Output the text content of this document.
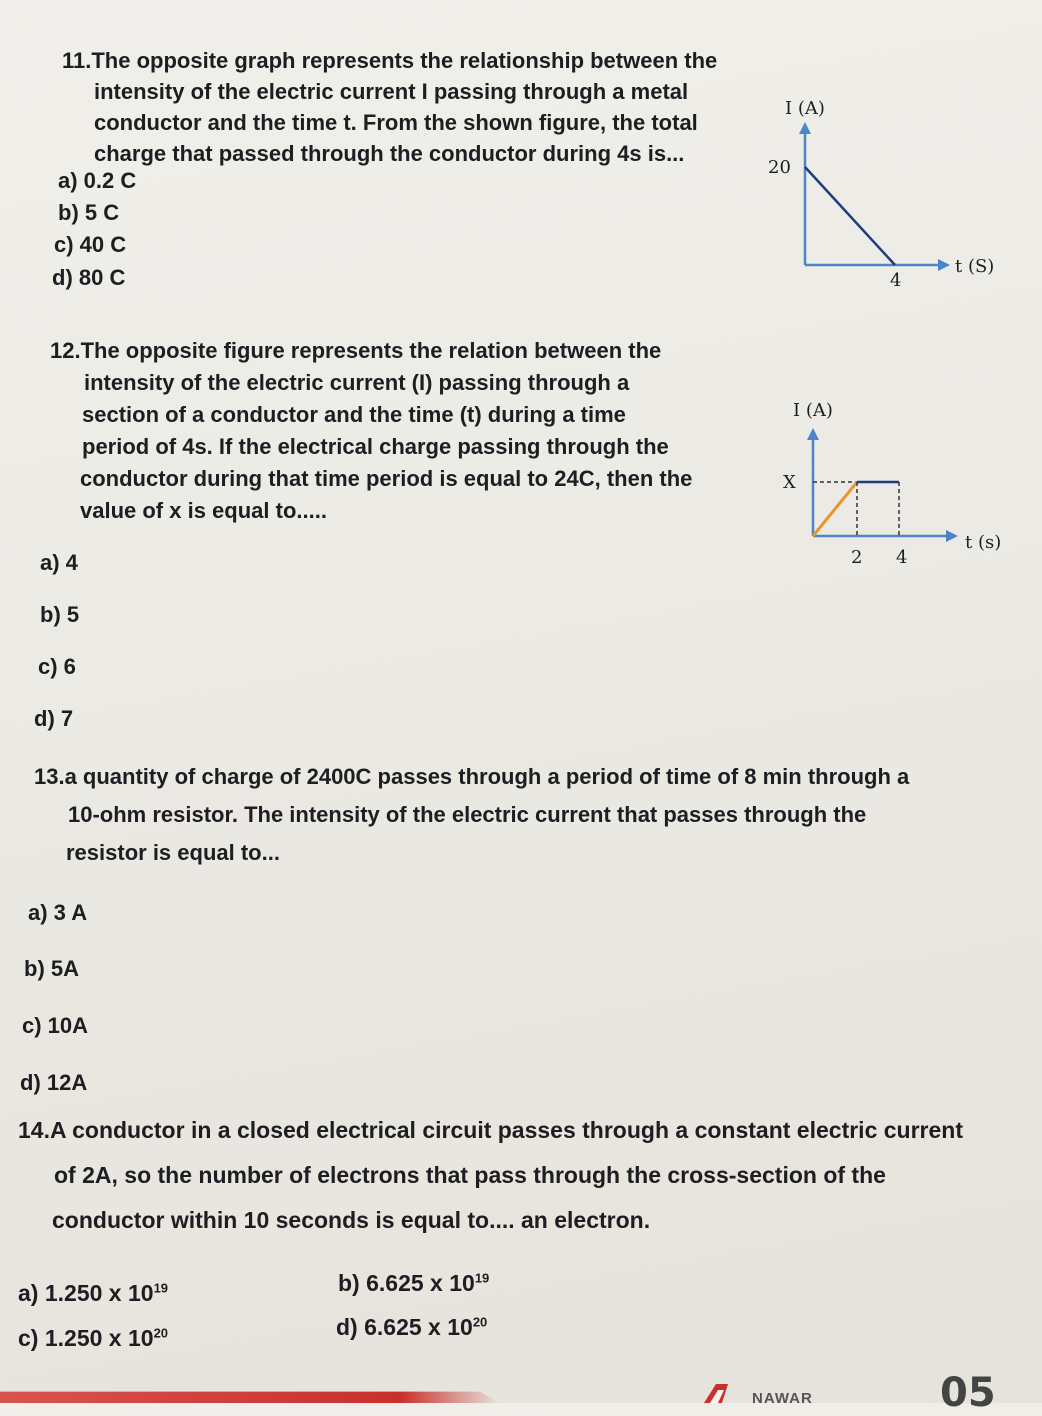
11.The opposite graph represents the relationship between the

intensity of the electric current I passing through a metal

conductor and the time t. From the shown figure, the total

charge that passed through the conductor during 4s is...

a) 0.2 C
b) 5 C
c) 40 C
d) 80 C
I (A)
20
4
t (S)

12.The opposite figure represents the relation between the

intensity of the electric current (I) passing through a

section of a conductor and the time (t) during a time

period of 4s. If the electrical charge passing through the

conductor during that time period is equal to 24C, then the

value of x is equal to.....

a) 4
b) 5
c) 6
d) 7
I (A)
X
2 4
t (s)

13.a quantity of charge of 2400C passes through a period of time of 8 min through a

10-ohm resistor. The intensity of the electric current that passes through the

resistor is equal to...

a) 3 A
b) 5A
c) 10A
d) 12A

14.A conductor in a closed electrical circuit passes through a constant electric current

of 2A, so the number of electrons that pass through the cross-section of the

conductor within 10 seconds is equal to.... an electron.

a) 1.250 x $10^{19}$	b) 6.625 x $10^{19}$
c) 1.250 x $10^{20}$	d) 6.625 x $10^{20}$
NAWAR	05
